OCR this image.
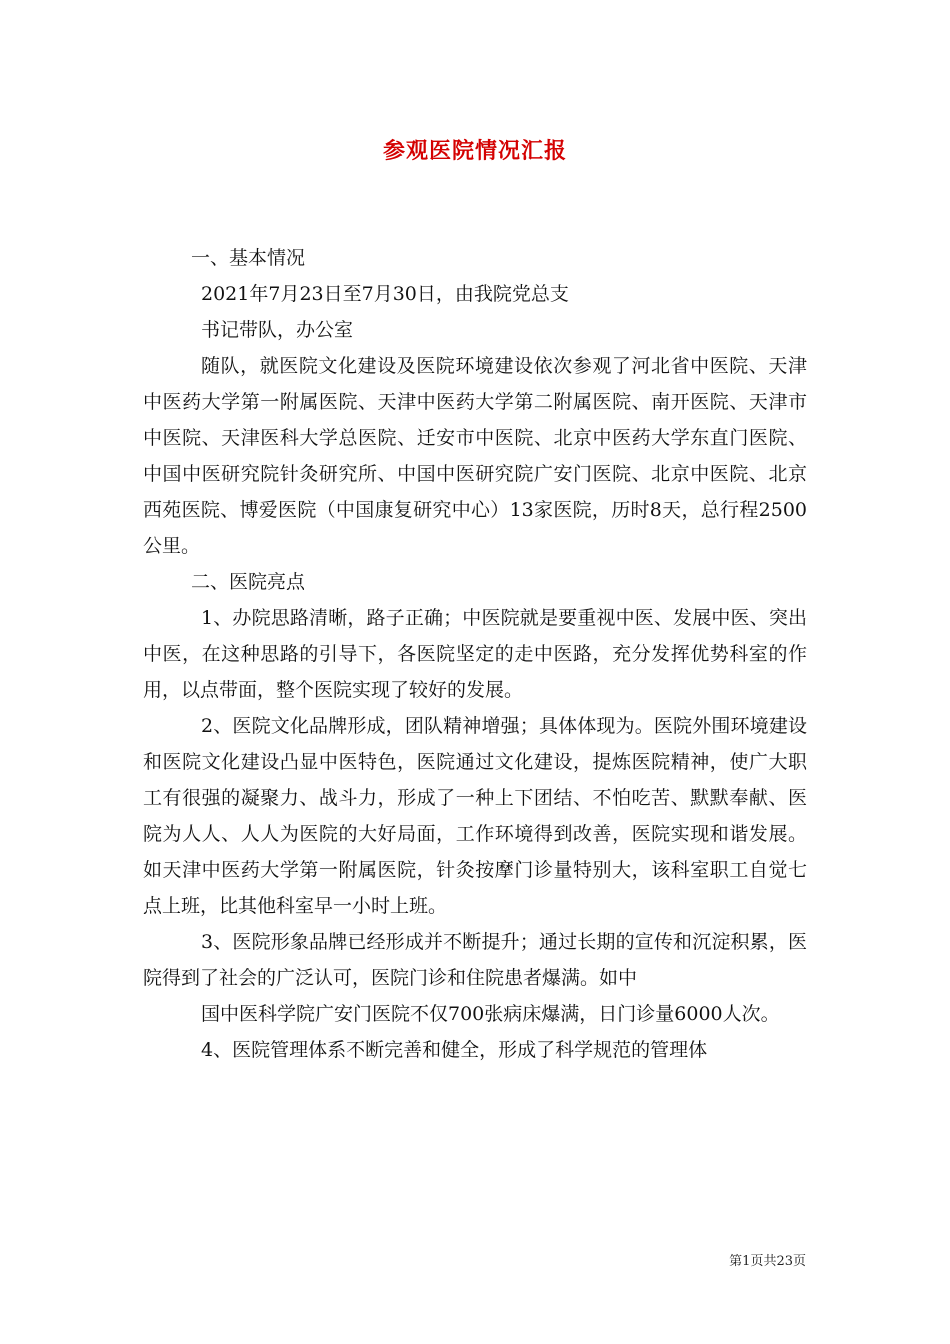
参观医院情况汇报

一、基本情况

2021年7月23日至7月30日，由我院党总支

书记带队，办公室

随队，就医院文化建设及医院环境建设依次参观了河北省中医院、天津中医药大学第一附属医院、天津中医药大学第二附属医院、南开医院、天津市中医院、天津医科大学总医院、迁安市中医院、北京中医药大学东直门医院、中国中医研究院针灸研究所、中国中医研究院广安门医院、北京中医院、北京西苑医院、博爱医院（中国康复研究中心）13家医院，历时8天，总行程2500公里。

二、医院亮点

1、办院思路清晰，路子正确；中医院就是要重视中医、发展中医、突出中医，在这种思路的引导下，各医院坚定的走中医路，充分发挥优势科室的作用，以点带面，整个医院实现了较好的发展。

2、医院文化品牌形成，团队精神增强；具体体现为。医院外围环境建设和医院文化建设凸显中医特色，医院通过文化建设，提炼医院精神，使广大职工有很强的凝聚力、战斗力，形成了一种上下团结、不怕吃苦、默默奉献、医院为人人、人人为医院的大好局面，工作环境得到改善，医院实现和谐发展。如天津中医药大学第一附属医院，针灸按摩门诊量特别大，该科室职工自觉七点上班，比其他科室早一小时上班。

3、医院形象品牌已经形成并不断提升；通过长期的宣传和沉淀积累，医院得到了社会的广泛认可，医院门诊和住院患者爆满。如中

国中医科学院广安门医院不仅700张病床爆满，日门诊量6000人次。

4、医院管理体系不断完善和健全，形成了科学规范的管理体

第1页共23页
